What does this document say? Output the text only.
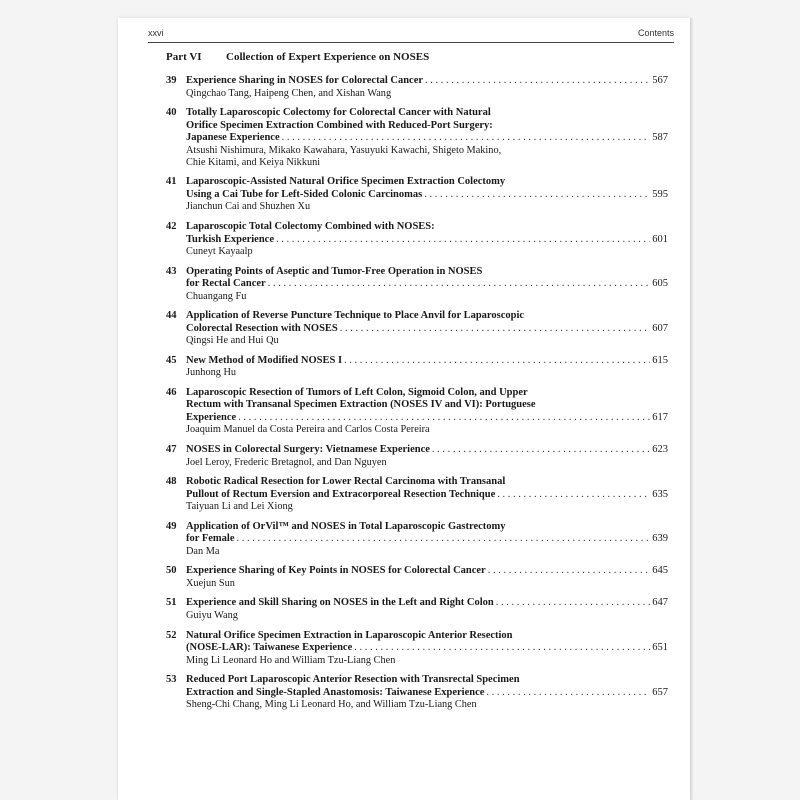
xxvi	Contents
Part VI Collection of Expert Experience on NOSES
39 Experience Sharing in NOSES for Colorectal Cancer . . .	567
Qingchao Tang, Haipeng Chen, and Xishan Wang
40 Totally Laparoscopic Colectomy for Colorectal Cancer with Natural
Orifice Specimen Extraction Combined with Reduced-Port Surgery:
Japanese Experience . . .	587
Atsushi Nishimura, Mikako Kawahara, Yasuyuki Kawachi, Shigeto Makino,
Chie Kitami, and Keiya Nikkuni
41 Laparoscopic-Assisted Natural Orifice Specimen Extraction Colectomy
Using a Cai Tube for Left-Sided Colonic Carcinomas . . .	595
Jianchun Cai and Shuzhen Xu
42 Laparoscopic Total Colectomy Combined with NOSES:
Turkish Experience . . .	601
Cuneyt Kayaalp
43 Operating Points of Aseptic and Tumor-Free Operation in NOSES
for Rectal Cancer . . .	605
Chuangang Fu
44 Application of Reverse Puncture Technique to Place Anvil for Laparoscopic
Colorectal Resection with NOSES . . .	607
Qingsi He and Hui Qu
45 New Method of Modified NOSES I . . .	615
Junhong Hu
46 Laparoscopic Resection of Tumors of Left Colon, Sigmoid Colon, and Upper
Rectum with Transanal Specimen Extraction (NOSES IV and VI): Portuguese
Experience . . .	617
Joaquim Manuel da Costa Pereira and Carlos Costa Pereira
47 NOSES in Colorectal Surgery: Vietnamese Experience . . .	623
Joel Leroy, Frederic Bretagnol, and Dan Nguyen
48 Robotic Radical Resection for Lower Rectal Carcinoma with Transanal
Pullout of Rectum Eversion and Extracorporeal Resection Technique . . .	635
Taiyuan Li and Lei Xiong
49 Application of OrVil™ and NOSES in Total Laparoscopic Gastrectomy
for Female . . .	639
Dan Ma
50 Experience Sharing of Key Points in NOSES for Colorectal Cancer . . .	645
Xuejun Sun
51 Experience and Skill Sharing on NOSES in the Left and Right Colon . . .	647
Guiyu Wang
52 Natural Orifice Specimen Extraction in Laparoscopic Anterior Resection
(NOSE-LAR): Taiwanese Experience . . .	651
Ming Li Leonard Ho and William Tzu-Liang Chen
53 Reduced Port Laparoscopic Anterior Resection with Transrectal Specimen
Extraction and Single-Stapled Anastomosis: Taiwanese Experience . . .	657
Sheng-Chi Chang, Ming Li Leonard Ho, and William Tzu-Liang Chen
